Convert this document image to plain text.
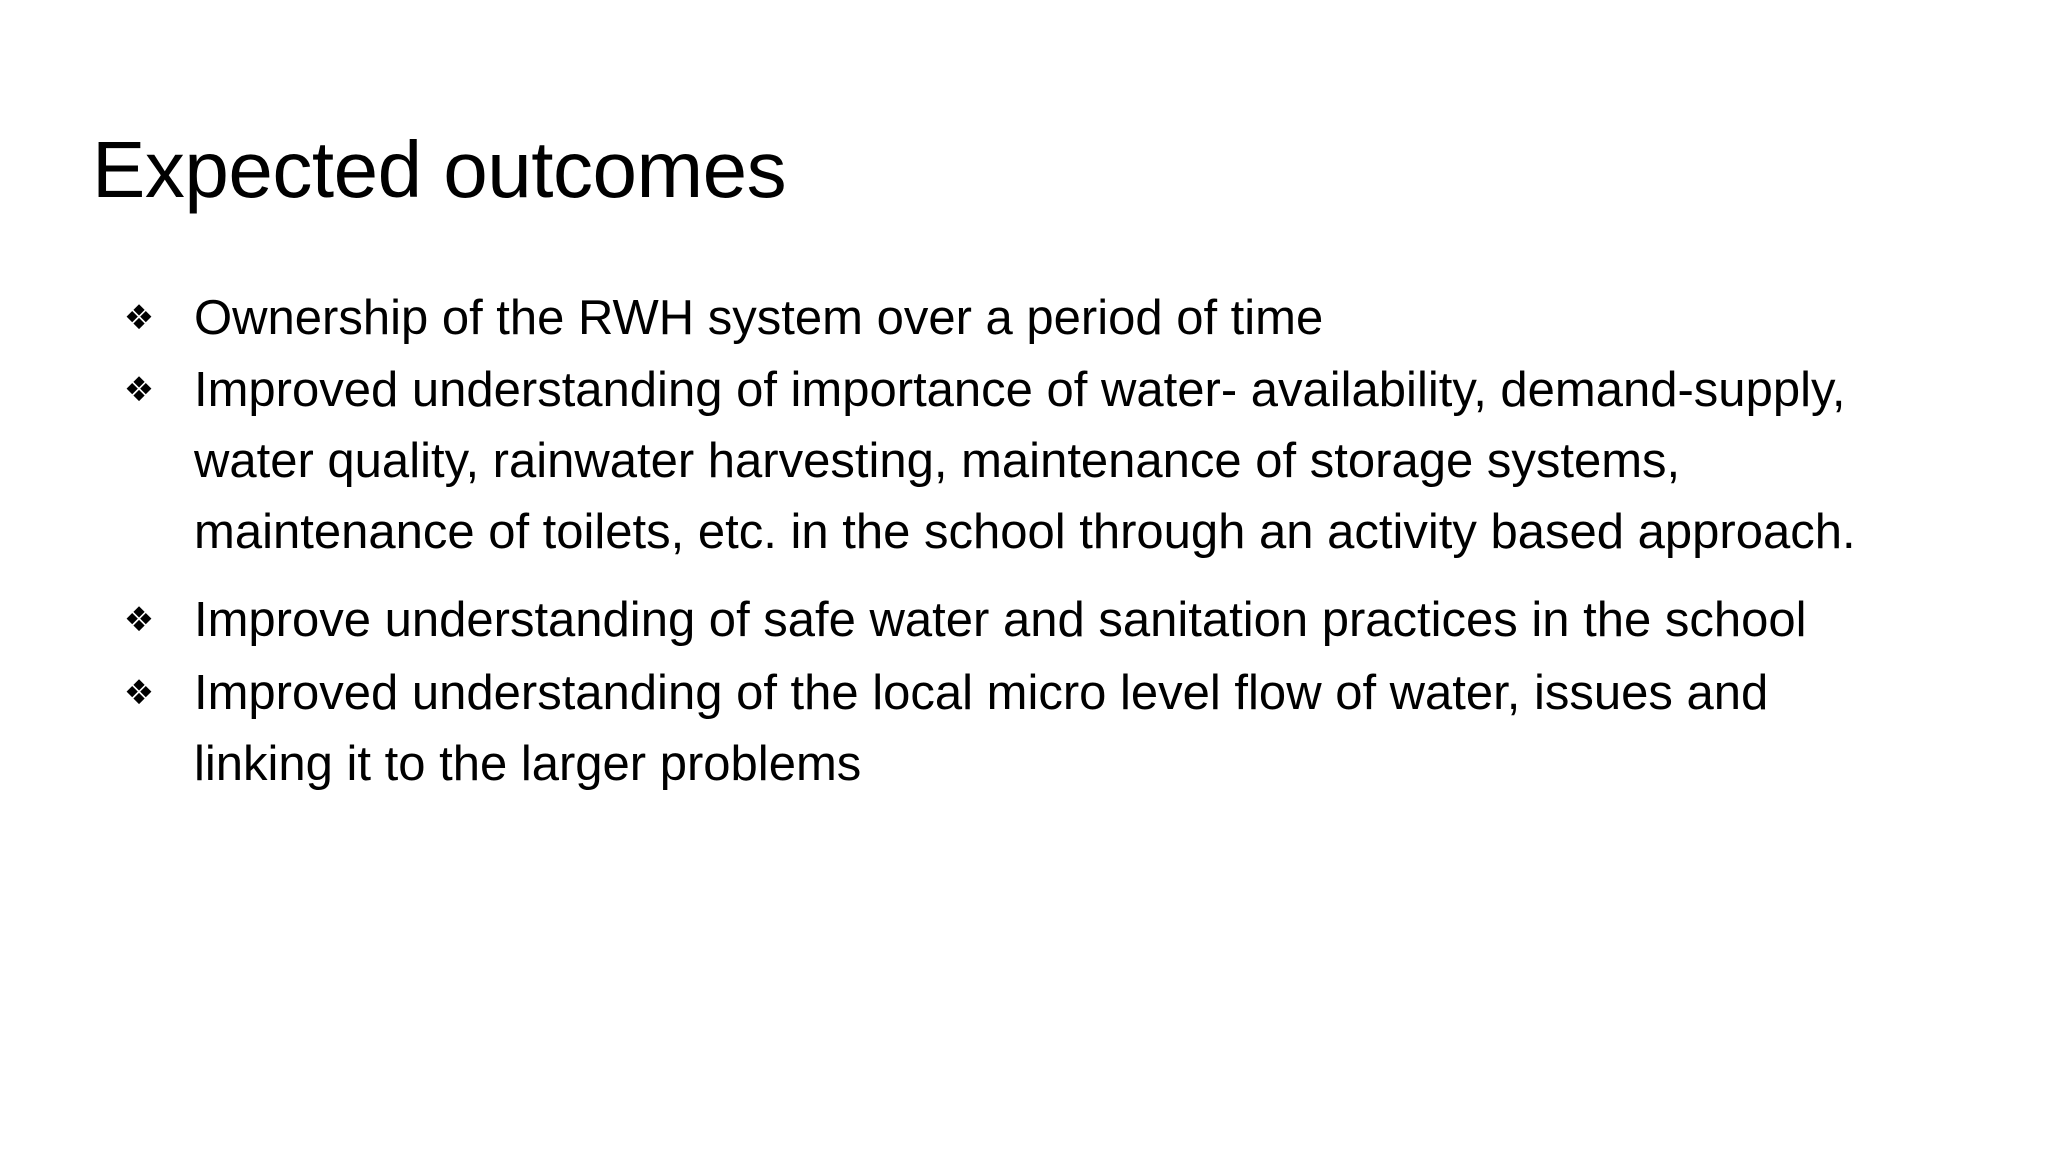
Expected outcomes
❖ Ownership of the RWH system over a period of time
❖ Improved understanding of importance of water- availability, demand-supply,
water quality, rainwater harvesting, maintenance of storage systems,
maintenance of toilets, etc. in the school through an activity based approach.
❖ Improve understanding of safe water and sanitation practices in the school
❖ Improved understanding of the local micro level flow of water, issues and
linking it to the larger problems
